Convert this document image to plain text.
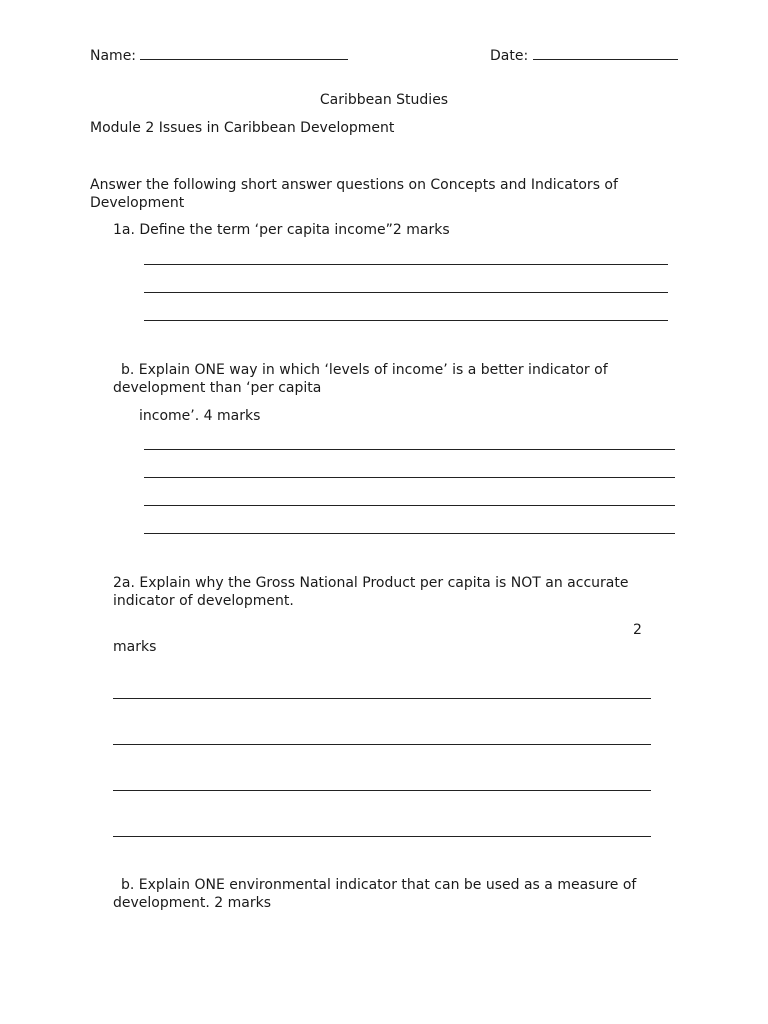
Name:	Date:
Caribbean Studies
Module 2 Issues in Caribbean Development
Answer the following short answer questions on Concepts and Indicators of Development
1a. Define the term ‘per capita income”2 marks
b. Explain ONE way in which ‘levels of income’ is a better indicator of development than ‘per capita
income’. 4 marks
2a. Explain why the Gross National Product per capita is NOT an accurate indicator of development.
2
marks
b. Explain ONE environmental indicator that can be used as a measure of development. 2 marks
